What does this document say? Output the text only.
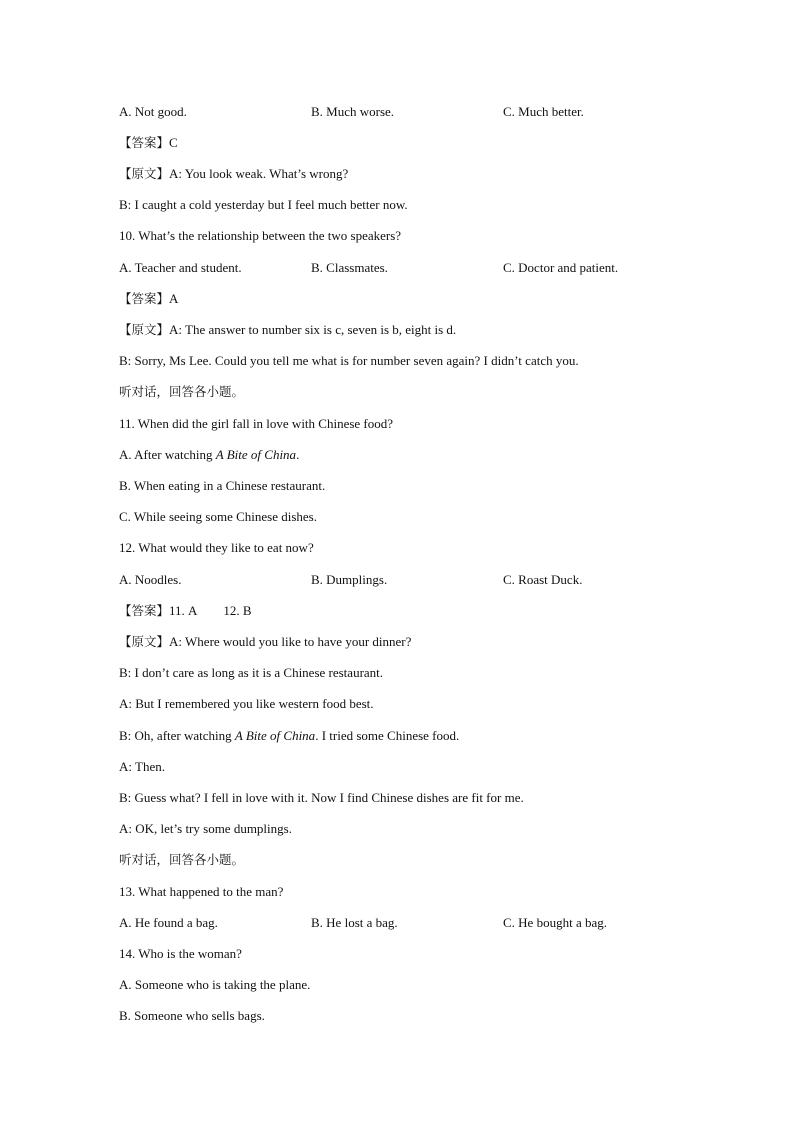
A. Not good.	B. Much worse.	C. Much better.
【答案】C
【原文】A: You look weak. What’s wrong?
B: I caught a cold yesterday but I feel much better now.
10. What’s the relationship between the two speakers?
A. Teacher and student.	B. Classmates.	C. Doctor and patient.
【答案】A
【原文】A: The answer to number six is c, seven is b, eight is d.
B: Sorry, Ms Lee. Could you tell me what is for number seven again? I didn’t catch you.
听对话，回答各小题。
11. When did the girl fall in love with Chinese food?
A. After watching A Bite of China.
B. When eating in a Chinese restaurant.
C. While seeing some Chinese dishes.
12. What would they like to eat now?
A. Noodles.	B. Dumplings.	C. Roast Duck.
【答案】11. A 12. B
【原文】A: Where would you like to have your dinner?
B: I don’t care as long as it is a Chinese restaurant.
A: But I remembered you like western food best.
B: Oh, after watching A Bite of China. I tried some Chinese food.
A: Then.
B: Guess what? I fell in love with it. Now I find Chinese dishes are fit for me.
A: OK, let’s try some dumplings.
听对话，回答各小题。
13. What happened to the man?
A. He found a bag.	B. He lost a bag.	C. He bought a bag.
14. Who is the woman?
A. Someone who is taking the plane.
B. Someone who sells bags.
